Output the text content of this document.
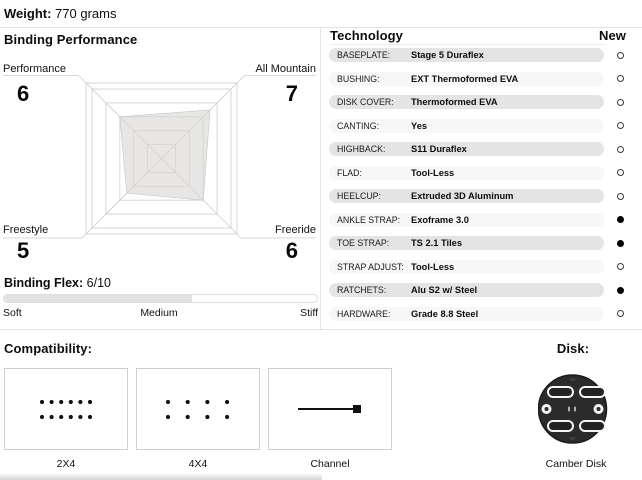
Weight: 770 grams
Binding Performance
Performance
6
All Mountain
7
Freestyle
5
Freeride
6
Binding Flex: 6/10
Soft	Medium	Stiff
Technology	New
BASEPLATE:	Stage 5 Duraflex
BUSHING:	EXT Thermoformed EVA
DISK COVER:	Thermoformed EVA
CANTING:	Yes
HIGHBACK:	S11 Duraflex
FLAD:	Tool-Less
HEELCUP:	Extruded 3D Aluminum
ANKLE STRAP:	Exoframe 3.0
TOE STRAP:	TS 2.1 Tiles
STRAP ADJUST: Tool-Less
RATCHETS:	Alu S2 w/ Steel
HARDWARE:	Grade 8.8 Steel
Compatibility:
2X4	4X4	Channel
Disk:
Camber Disk
